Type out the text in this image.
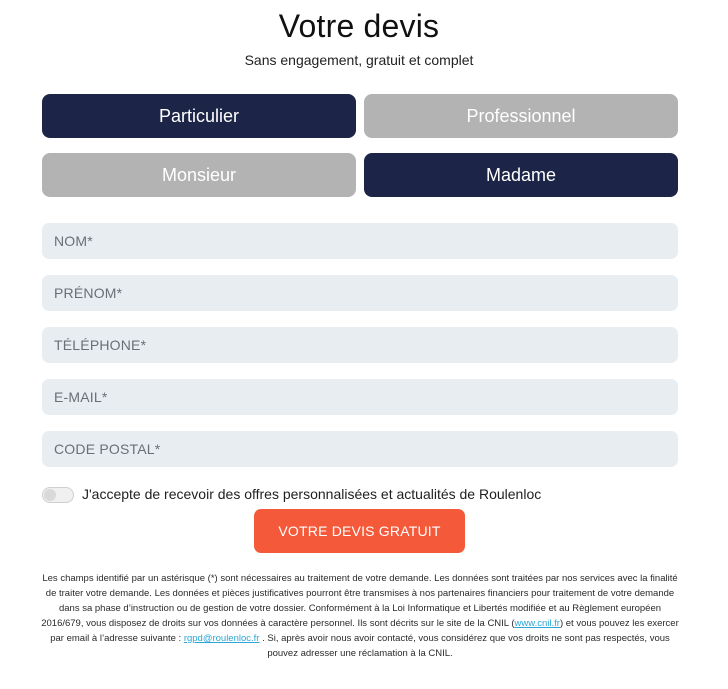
Votre devis
Sans engagement, gratuit et complet
Particulier	Professionnel
Monsieur	Madame
NOM*
PRÉNOM*
TÉLÉPHONE*
E-MAIL*
CODE POSTAL*
J'accepte de recevoir des offres personnalisées et actualités de Roulenloc
VOTRE DEVIS GRATUIT

Les champs identifié par un astérisque (*) sont nécessaires au traitement de votre demande. Les données sont traitées par nos services avec la finalité de traiter votre demande. Les données et pièces justificatives pourront être transmises à nos partenaires financiers pour traitement de votre demande dans sa phase d’instruction ou de gestion de votre dossier. Conformément à la Loi Informatique et Libertés modifiée et au Règlement européen 2016/679, vous disposez de droits sur vos données à caractère personnel. Ils sont décrits sur le site de la CNIL (www.cnil.fr) et vous pouvez les exercer par email à l’adresse suivante : rgpd@roulenloc.fr . Si, après avoir nous avoir contacté, vous considérez que vos droits ne sont pas respectés, vous pouvez adresser une réclamation à la CNIL.
